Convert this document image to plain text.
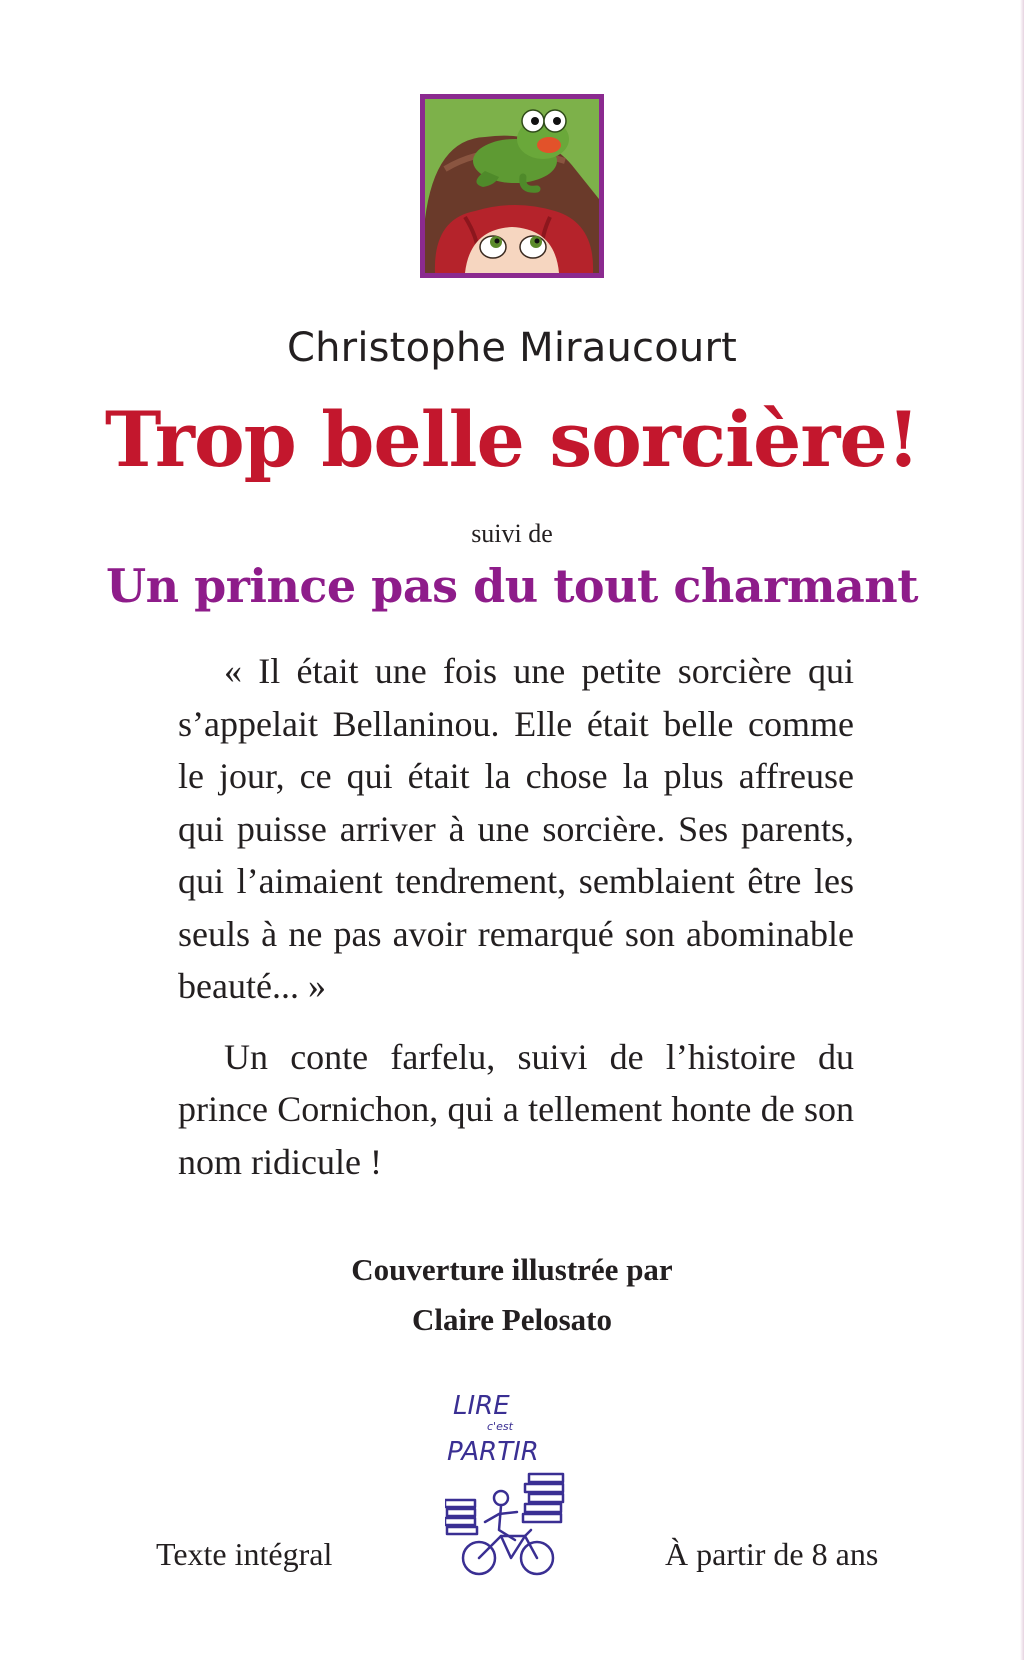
Christophe Miraucourt
Trop belle sorcière!
suivi de
Un prince pas du tout charmant

« Il était une fois une petite sorcière qui s’appelait Bellaninou. Elle était belle comme le jour, ce qui était la chose la plus affreuse qui puisse arriver à une sorcière. Ses parents, qui l’aimaient tendrement, semblaient être les seuls à ne pas avoir remarqué son abominable beauté... »

Un conte farfelu, suivi de l’histoire du prince Cornichon, qui a tellement honte de son nom ridicule !

Couverture illustrée par
Claire Pelosato
LIRE
c'est
PARTIR
Texte intégral	À partir de 8 ans
